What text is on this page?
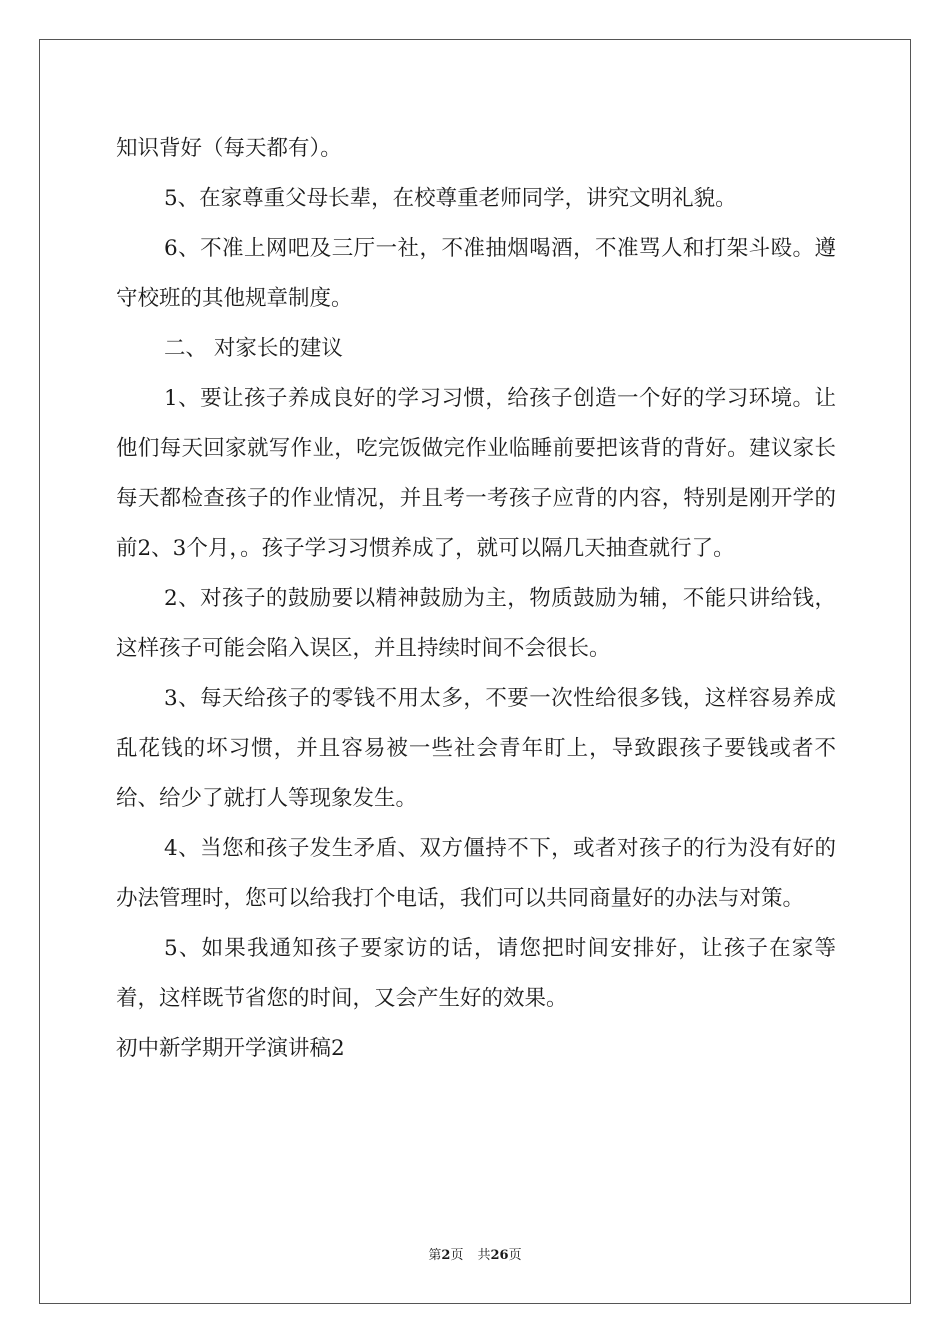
知识背好（每天都有）。

5、在家尊重父母长辈，在校尊重老师同学，讲究文明礼貌。

6、不准上网吧及三厅一社，不准抽烟喝酒，不准骂人和打架斗殴。遵守校班的其他规章制度。

二、 对家长的建议

1、要让孩子养成良好的学习习惯，给孩子创造一个好的学习环境。让他们每天回家就写作业，吃完饭做完作业临睡前要把该背的背好。建议家长每天都检查孩子的作业情况，并且考一考孩子应背的内容，特别是刚开学的前2、3个月，。孩子学习习惯养成了，就可以隔几天抽查就行了。

2、对孩子的鼓励要以精神鼓励为主，物质鼓励为辅，不能只讲给钱，这样孩子可能会陷入误区，并且持续时间不会很长。

3、每天给孩子的零钱不用太多，不要一次性给很多钱，这样容易养成乱花钱的坏习惯，并且容易被一些社会青年盯上，导致跟孩子要钱或者不给、给少了就打人等现象发生。

4、当您和孩子发生矛盾、双方僵持不下，或者对孩子的行为没有好的办法管理时，您可以给我打个电话，我们可以共同商量好的办法与对策。

5、如果我通知孩子要家访的话，请您把时间安排好，让孩子在家等着，这样既节省您的时间，又会产生好的效果。

初中新学期开学演讲稿2

第2页 共26页
